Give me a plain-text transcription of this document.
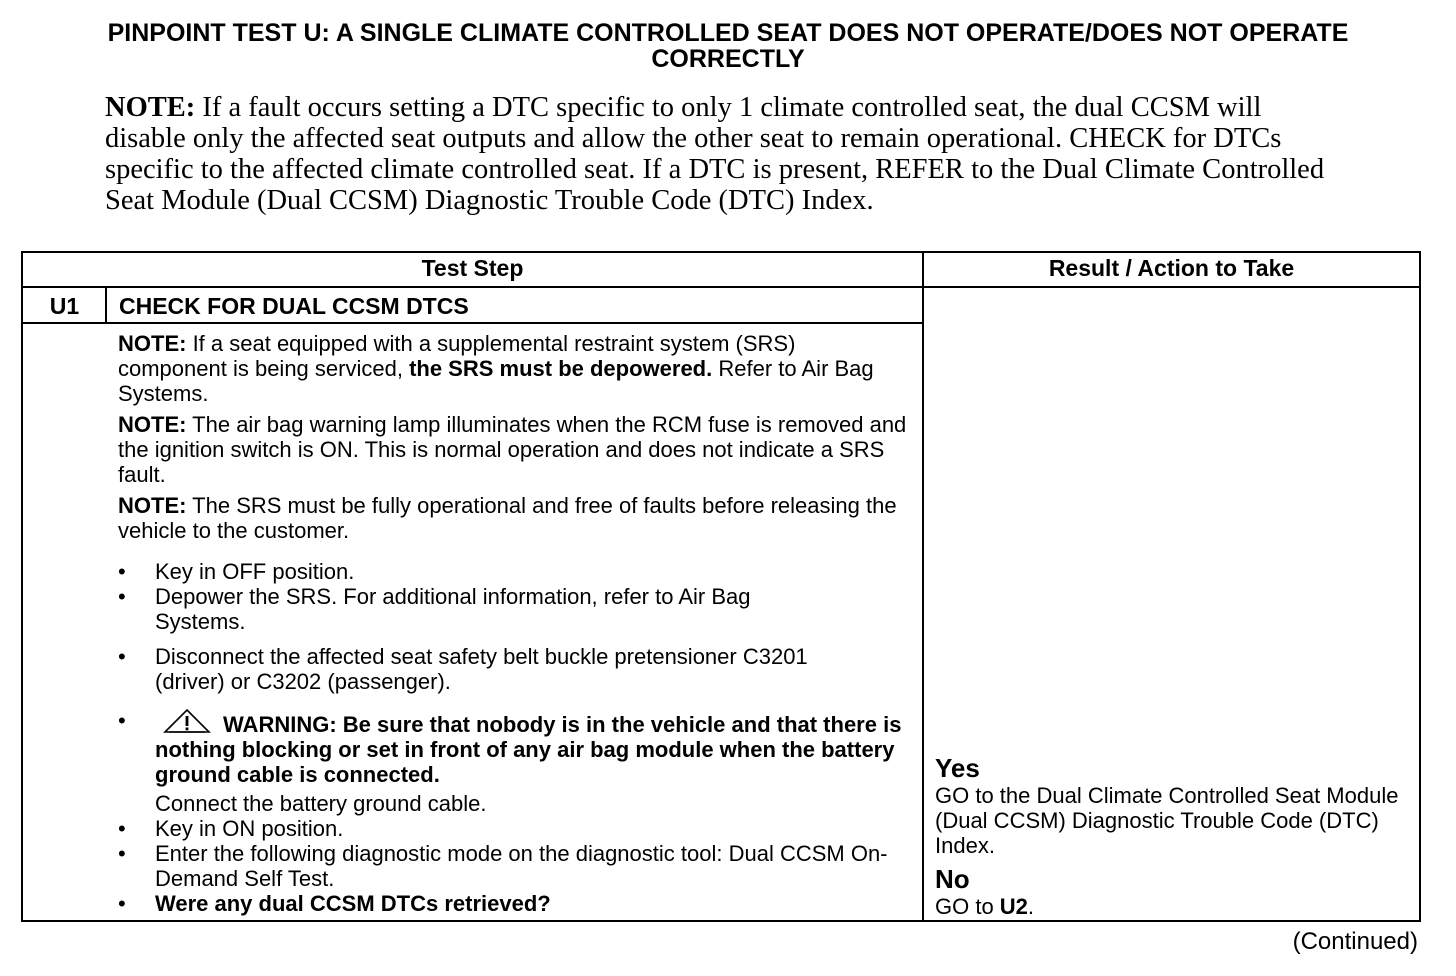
PINPOINT TEST U: A SINGLE CLIMATE CONTROLLED SEAT DOES NOT OPERATE/DOES NOT OPERATE CORRECTLY
NOTE: If a fault occurs setting a DTC specific to only 1 climate controlled seat, the dual CCSM will disable only the affected seat outputs and allow the other seat to remain operational. CHECK for DTCs specific to the affected climate controlled seat. If a DTC is present, REFER to the Dual Climate Controlled Seat Module (Dual CCSM) Diagnostic Trouble Code (DTC) Index.
Test Step	Result / Action to Take
U1	CHECK FOR DUAL CCSM DTCS

NOTE: If a seat equipped with a supplemental restraint system (SRS) component is being serviced, the SRS must be depowered. Refer to Air Bag Systems.

NOTE: The air bag warning lamp illuminates when the RCM fuse is removed and the ignition switch is ON. This is normal operation and does not indicate a SRS fault.

NOTE: The SRS must be fully operational and free of faults before releasing the vehicle to the customer.

• Key in OFF position.
• Depower the SRS. For additional information, refer to Air Bag Systems.
• Disconnect the affected seat safety belt buckle pretensioner C3201 (driver) or C3202 (passenger).
•	WARNING: Be sure that nobody is in the vehicle and that there is nothing blocking or set in front of any air bag module when the battery ground cable is connected.
Connect the battery ground cable.
• Key in ON position.
• Enter the following diagnostic mode on the diagnostic tool: Dual CCSM On-Demand Self Test.
• Were any dual CCSM DTCs retrieved?
Yes
GO to the Dual Climate Controlled Seat Module (Dual CCSM) Diagnostic Trouble Code (DTC) Index.
No
GO to U2.
(Continued)
